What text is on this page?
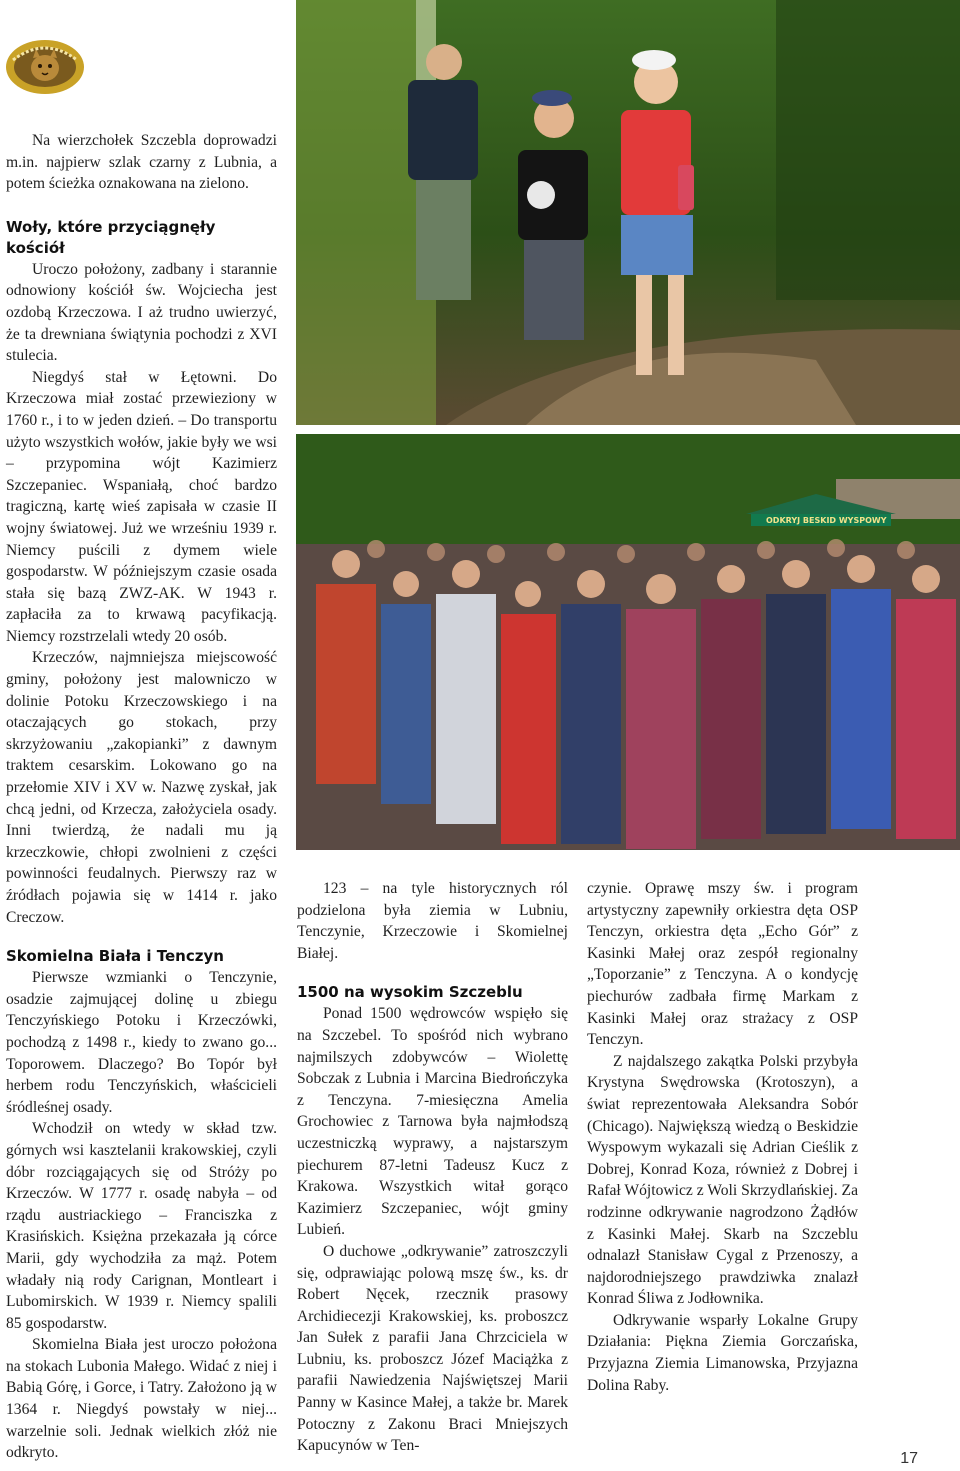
ODKRYJ BESKID WYSPOWY

Na wierzchołek Szczebla doprowadzi m.in. najpierw szlak czarny z Lubnia, a potem ścieżka oznakowana na zielono.

Woły, które przyciągnęły kościół

Uroczo położony, zadbany i starannie odnowiony kościół św. Wojciecha jest ozdobą Krzeczowa. I aż trudno uwierzyć, że ta drewniana świątynia pochodzi z XVI stulecia.

Niegdyś stał w Łętowni. Do Krzeczowa miał zostać przewieziony w 1760 r., i to w jeden dzień. – Do transportu użyto wszystkich wołów, jakie były we wsi – przypomina wójt Kazimierz Szczepaniec. Wspaniałą, choć bardzo tragiczną, kartę wieś zapisała w czasie II wojny światowej. Już we wrześniu 1939 r. Niemcy puścili z dymem wiele gospodarstw. W późniejszym czasie osada stała się bazą ZWZ-AK. W 1943 r. zapłaciła za to krwawą pacyfikacją. Niemcy rozstrzelali wtedy 20 osób.

Krzeczów, najmniejsza miejscowość gminy, położony jest malowniczo w dolinie Potoku Krzeczowskiego i na otaczających go stokach, przy skrzyżowaniu „zakopianki” z dawnym traktem cesarskim. Lokowano go na przełomie XIV i XV w. Nazwę zyskał, jak chcą jedni, od Krzecza, założyciela osady. Inni twierdzą, że nadali mu ją krzeczkowie, chłopi zwolnieni z części powinności feudalnych. Pierwszy raz w źródłach pojawia się w 1414 r. jako Creczow.

Skomielna Biała i Tenczyn

Pierwsze wzmianki o Tenczynie, osadzie zajmującej dolinę u zbiegu Tenczyńskiego Potoku i Krzeczówki, pochodzą z 1498 r., kiedy to zwano go... Toporowem. Dlaczego? Bo Topór był herbem rodu Tenczyńskich, właścicieli śródleśnej osady.

Wchodził on wtedy w skład tzw. górnych wsi kasztelanii krakowskiej, czyli dóbr rozciągających się od Stróży po Krzeczów. W 1777 r. osadę nabyła – od rządu austriackiego – Franciszka z Krasińskich. Księżna przekazała ją córce Marii, gdy wychodziła za mąż. Potem władały nią rody Carignan, Montleart i Lubomirskich. W 1939 r. Niemcy spalili 85 gospodarstw.

Skomielna Biała jest uroczo położona na stokach Lubonia Małego. Widać z niej i Babią Górę, i Gorce, i Tatry. Założono ją w 1364 r. Niegdyś powstały w niej... warzelnie soli. Jednak wielkich złóż nie odkryto.

123 – na tyle historycznych ról podzielona była ziemia w Lubniu, Tenczynie, Krzeczowie i Skomielnej Białej.

1500 na wysokim Szczeblu

Ponad 1500 wędrowców wspięło się na Szczebel. To spośród nich wybrano najmilszych zdobywców – Wiolettę Sobczak z Lubnia i Marcina Biedrończyka z Tenczyna. 7-miesięczna Amelia Grochowiec z Tarnowa była najmłodszą uczestniczką wyprawy, a najstarszym piechurem 87-letni Tadeusz Kucz z Krakowa. Wszystkich witał gorąco Kazimierz Szczepaniec, wójt gminy Lubień.

O duchowe „odkrywanie” zatroszczyli się, odprawiając polową mszę św., ks. dr Robert Nęcek, rzecznik prasowy Archidiecezji Krakowskiej, ks. proboszcz Jan Sułek z parafii Jana Chrzciciela w Lubniu, ks. proboszcz Józef Maciążka z parafii Nawiedzenia Najświętszej Marii Panny w Kasince Małej, a także br. Marek Potoczny z Zakonu Braci Mniejszych Kapucynów w Ten-

czynie. Oprawę mszy św. i program artystyczny zapewniły orkiestra dęta OSP Tenczyn, orkiestra dęta „Echo Gór” z Kasinki Małej oraz zespół regionalny „Toporzanie” z Tenczyna. A o kondycję piechurów zadbała firmę Markam z Kasinki Małej oraz strażacy z OSP Tenczyn.

Z najdalszego zakątka Polski przybyła Krystyna Swędrowska (Krotoszyn), a świat reprezentowała Aleksandra Sobór (Chicago). Największą wiedzą o Beskidzie Wyspowym wykazali się Adrian Cieślik z Dobrej, Konrad Koza, również z Dobrej i Rafał Wójtowicz z Woli Skrzydlańskiej. Za rodzinne odkrywanie nagrodzono Żądłów z Kasinki Małej. Skarb na Szczeblu odnalazł Stanisław Cygal z Przenoszy, a najdorodniejszego prawdziwka znalazł Konrad Śliwa z Jodłownika.

Odkrywanie wsparły Lokalne Grupy Działania: Piękna Ziemia Gorczańska, Przyjazna Ziemia Limanowska, Przyjazna Dolina Raby.

17
